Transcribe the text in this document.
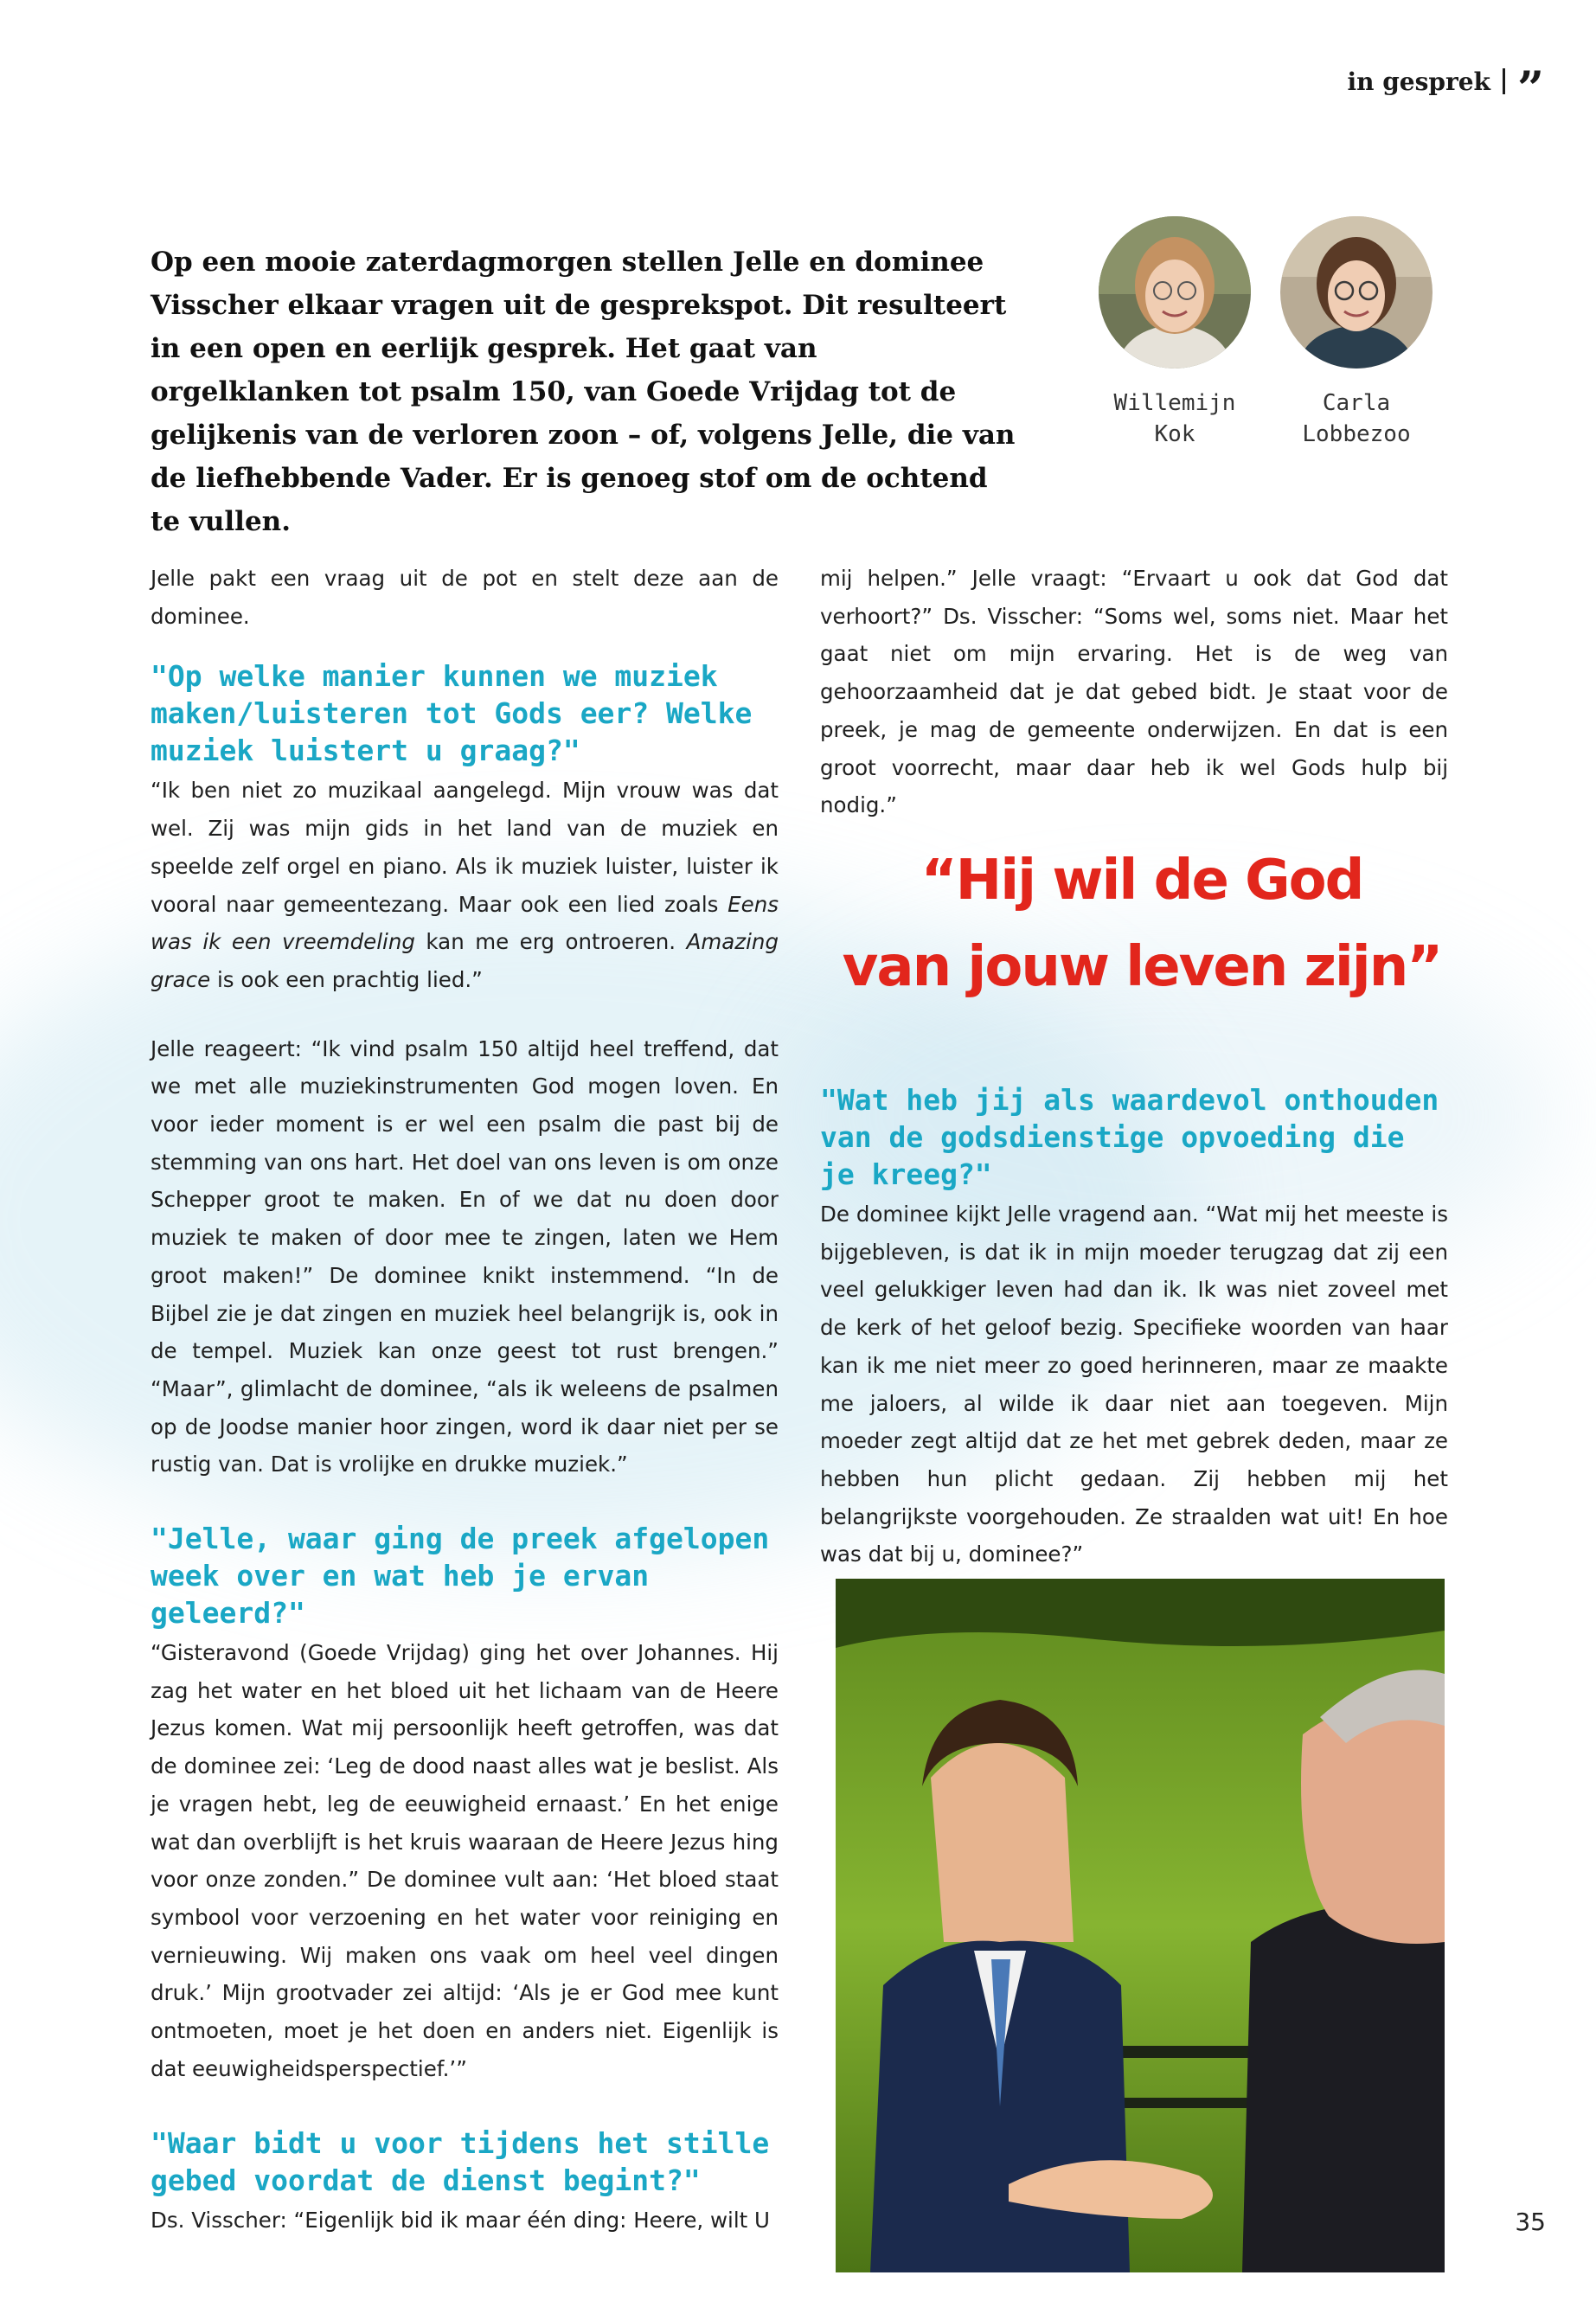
in gesprek ”
Op een mooie zaterdagmorgen stellen Jelle en dominee Visscher elkaar vragen uit de gesprekspot. Dit resulteert in een open en eerlijk gesprek. Het gaat van orgelklanken tot psalm 150, van Goede Vrijdag tot de gelijkenis van de verloren zoon – of, volgens Jelle, die van de liefhebbende Vader. Er is genoeg stof om de ochtend te vullen.
Willemijn
Kok
Carla
Lobbezoo
Jelle pakt een vraag uit de pot en stelt deze aan de dominee.
"Op welke manier kunnen we muziek maken/luisteren tot Gods eer? Welke muziek luistert u graag?"
“Ik ben niet zo muzikaal aangelegd. Mijn vrouw was dat wel. Zij was mijn gids in het land van de muziek en speelde zelf orgel en piano. Als ik muziek luister, luister ik vooral naar gemeentezang. Maar ook een lied zoals Eens was ik een vreemdeling kan me erg ontroeren. Amazing grace is ook een prachtig lied.”
Jelle reageert: “Ik vind psalm 150 altijd heel treffend, dat we met alle muziekinstrumenten God mogen loven. En voor ieder moment is er wel een psalm die past bij de stemming van ons hart. Het doel van ons leven is om onze Schepper groot te maken. En of we dat nu doen door muziek te maken of door mee te zingen, laten we Hem groot maken!” De dominee knikt instemmend. “In de Bijbel zie je dat zingen en muziek heel belangrijk is, ook in de tempel. Muziek kan onze geest tot rust brengen.” “Maar”, glimlacht de dominee, “als ik weleens de psalmen op de Joodse manier hoor zingen, word ik daar niet per se rustig van. Dat is vrolijke en drukke muziek.”
"Jelle, waar ging de preek afgelopen week over en wat heb je ervan geleerd?"
“Gisteravond (Goede Vrijdag) ging het over Johannes. Hij zag het water en het bloed uit het lichaam van de Heere Jezus komen. Wat mij persoonlijk heeft getroffen, was dat de dominee zei: ‘Leg de dood naast alles wat je beslist. Als je vragen hebt, leg de eeuwigheid ernaast.’ En het enige wat dan overblijft is het kruis waaraan de Heere Jezus hing voor onze zonden.” De dominee vult aan: ‘Het bloed staat symbool voor verzoening en het water voor reiniging en vernieuwing. Wij maken ons vaak om heel veel dingen druk.’ Mijn grootvader zei altijd: ‘Als je er God mee kunt ontmoeten, moet je het doen en anders niet. Eigenlijk is dat eeuwigheidsperspectief.’”
"Waar bidt u voor tijdens het stille gebed voordat de dienst begint?"
Ds. Visscher: “Eigenlijk bid ik maar één ding: Heere, wilt U
mij helpen.” Jelle vraagt: “Ervaart u ook dat God dat verhoort?” Ds. Visscher: “Soms wel, soms niet. Maar het gaat niet om mijn ervaring. Het is de weg van gehoorzaamheid dat je dat gebed bidt. Je staat voor de preek, je mag de gemeente onderwijzen. En dat is een groot voorrecht, maar daar heb ik wel Gods hulp bij nodig.”
“Hij wil de God
van jouw leven zijn”
"Wat heb jij als waardevol onthouden van de godsdienstige opvoeding die je kreeg?"
De dominee kijkt Jelle vragend aan. “Wat mij het meeste is bijgebleven, is dat ik in mijn moeder terugzag dat zij een veel gelukkiger leven had dan ik. Ik was niet zoveel met de kerk of het geloof bezig. Specifieke woorden van haar kan ik me niet meer zo goed herinneren, maar ze maakte me jaloers, al wilde ik daar niet aan toegeven. Mijn moeder zegt altijd dat ze het met gebrek deden, maar ze hebben hun plicht gedaan. Zij hebben mij het belangrijkste voorgehouden. Ze straalden wat uit! En hoe was dat bij u, dominee?”
35
